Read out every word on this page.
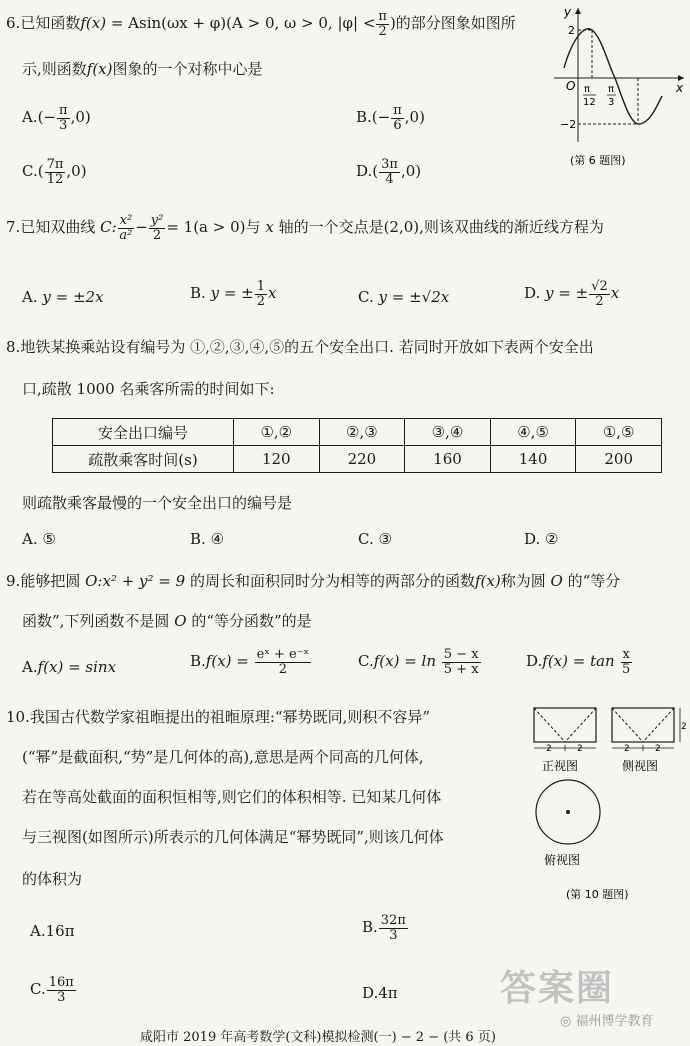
6.已知函数f(x) = Asin(ωx + φ)(A > 0, ω > 0, $|\varphi| < \frac{\pi}{2}$ )的部分图象如图所
示,则函数f(x)图象的一个对称中心是
$A.(- \frac{\pi}{3} ,0)$	$B.(- \frac{\pi}{6} ,0)$
$C.( \frac{7\pi}{12} ,0)$	$D.( \frac{3\pi}{4} ,0)$
y
x
O
2
−2
π
12
π
3
(第 6 题图)
7.已知双曲线 C: $\frac{\text{x²}}{\text{a²}} - \frac{\text{y²}}{2} = 1(a > 0)$与 x 轴的一个交点是(2,0),则该双曲线的渐近线方程为
A. y = ±2x	B. y = ± $\frac{1}{2}$ x	C. y = ±√2x	D. y = ± $\frac{√2}{2}$ x
8.地铁某换乘站设有编号为 ①,②,③,④,⑤的五个安全出口. 若同时开放如下表两个安全出
口,疏散 1000 名乘客所需的时间如下:
安全出口编号	①,②	②,③	③,④	④,⑤	①,⑤
疏散乘客时间(s)	120	220	160	140	200
则疏散乘客最慢的一个安全出口的编号是
A. ⑤	B. ④	C. ③	D. ②
9.能够把圆 O:x² + y² = 9 的周长和面积同时分为相等的两部分的函数f(x)称为圆 O 的“等分
函数”,下列函数不是圆 O 的“等分函数”的是
A.f(x) = sinx	$B.f(x) = \frac{\text{eˣ + e⁻ˣ}}{2}$	$C.f(x) = \ln \frac{5 - x}{5 + x}$	$D.f(x) = \tan \frac{x}{5}$
10.我国古代数学家祖暅提出的祖暅原理:“幂势既同,则积不容异”
(“幂”是截面积,“势”是几何体的高),意思是两个同高的几何体,
若在等高处截面的面积恒相等,则它们的体积相等. 已知某几何体
与三视图(如图所示)所表示的几何体满足“幂势既同”,则该几何体
的体积为
2	2
正视图
2	2
2
侧视图
俯视图
(第 10 题图)
A.16π	B. $\frac{32\pi}{3}$
C. $\frac{16\pi}{3}$	D.4π	答案圈
◎ 福州博学教育
咸阳市 2019 年高考数学(文科)模拟检测(一) − 2 − (共 6 页)
